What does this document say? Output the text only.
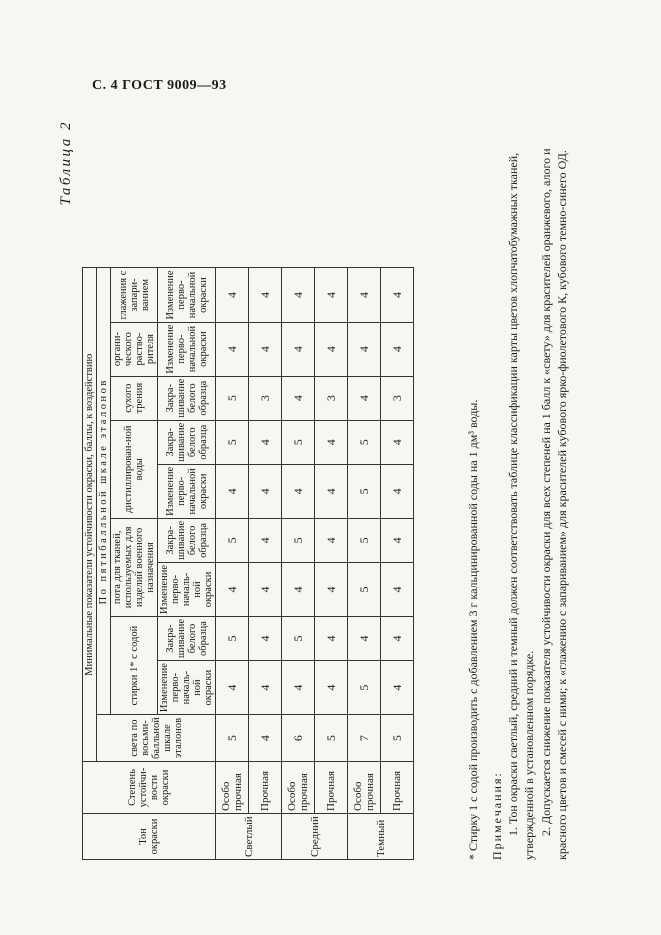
С. 4 ГОСТ 9009—93
Таблица 2
Тон окраски	Степень устойчи-вости окраски	Минимальные показатели устойчивости окраски, баллы, к воздействию									
		света по восьми-балльной шкале эталонов	По пятибалльной шкале эталонов								
			стирки 1* с содой		пота для тканей, используемых для изделий военного назначения		дистиллирован-ной воды		сухого трения	органи-ческого раство-рителя	глажения с запари-ванием
			Изменение перво-началь-ной окраски	Закра-шивание белого образца	Изменение перво-началь-ной окраски	Закра-шивание белого образца	Изменение перво-начальной окраски	Закра-шивание белого образца	Закра-шивание белого образца	Изменение перво-начальной окраски	Изменение перво-начальной окраски
Светлый	Особо прочная	5	4	5	4	5	4	5	5	4	4
	Прочная	4	4	4	4	4	4	4	3	4	4
Средний	Особо прочная	6	4	5	4	5	4	5	4	4	4
	Прочная	5	4	4	4	4	4	4	3	4	4
Темный	Особо прочная	7	5	4	5	5	5	5	4	4	4
	Прочная	5	4	4	4	4	4	4	3	4	4
* Стирку 1 с содой производить с добавлением 3 г кальцинированной соды на 1 дм³ воды. Примечания: 1. Тон окраски светлый, средний и темный должен соответствовать таблице классификации карты цветов хлопчатобумажных тканей, утвержденной в установленном порядке. 2. Допускается снижение показателя устойчивости окраски для всех степеней на 1 балл к «свету» для красителей оранжевого, алого и красного цветов и смесей с ними; к «глажению с запариванием» для красителей кубового ярко-фиолетового К, кубового темно-синего ОД.
